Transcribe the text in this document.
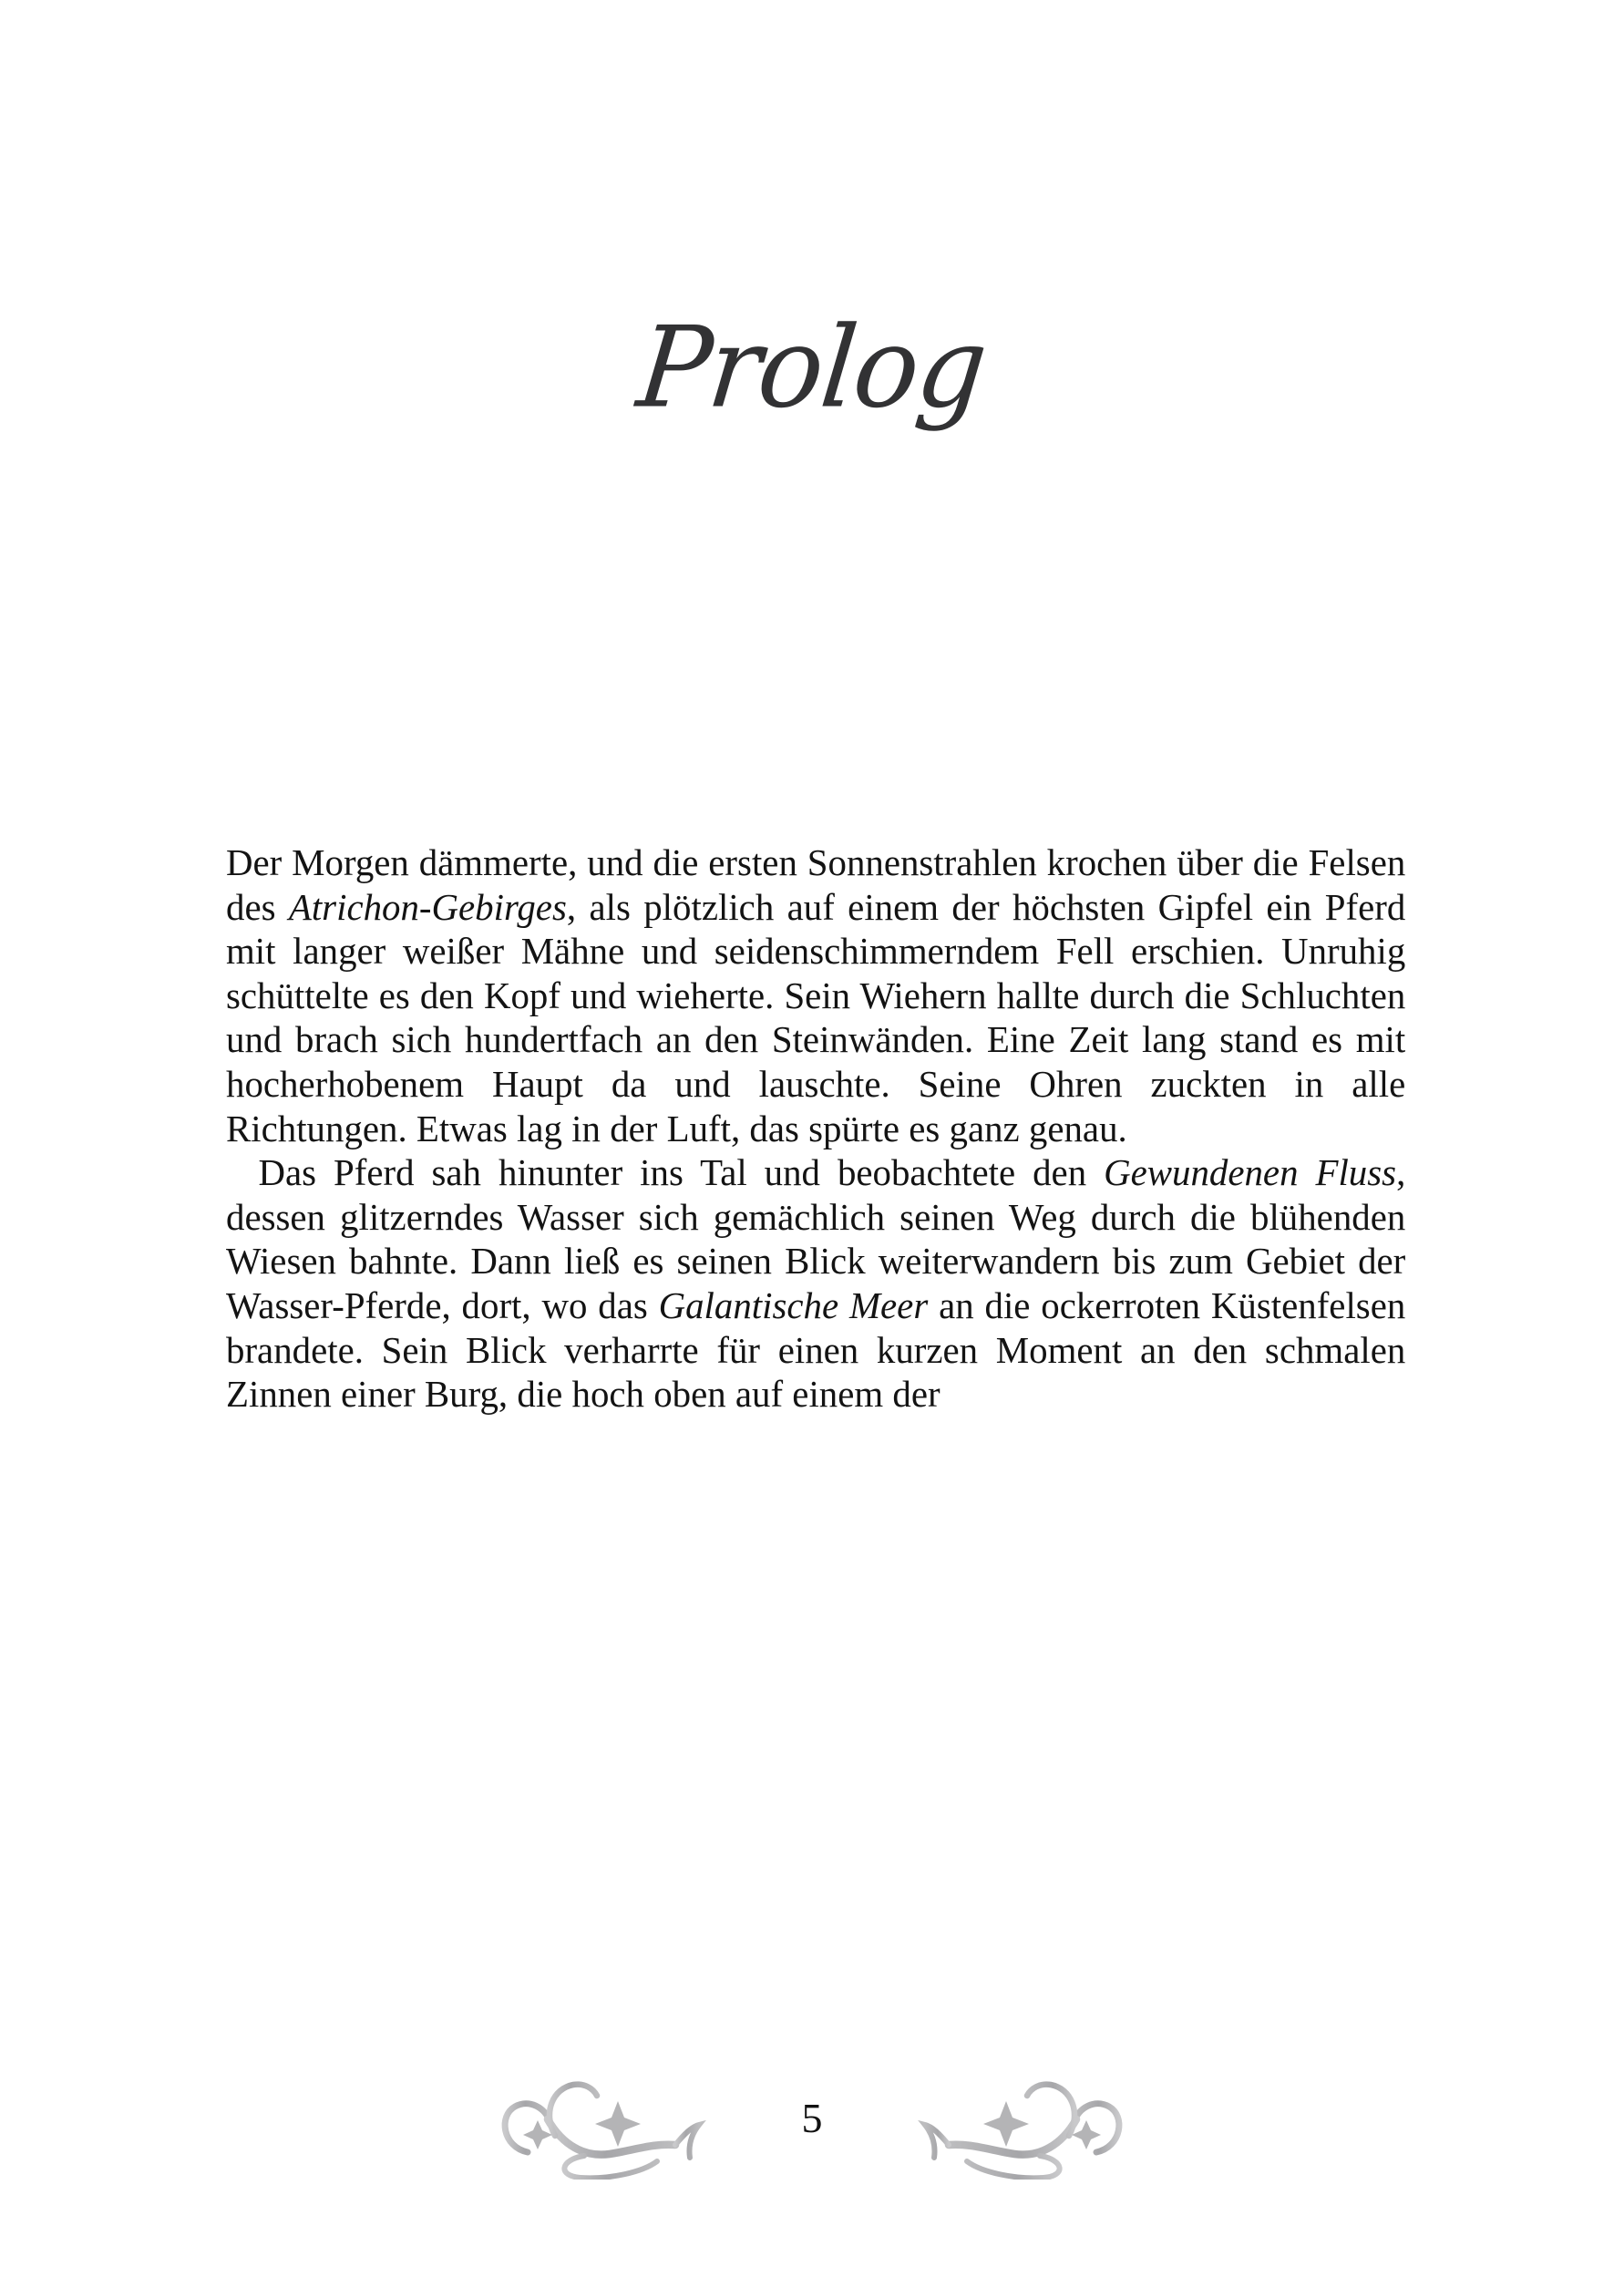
Prolog

Der Morgen dämmerte, und die ersten Sonnenstrahlen krochen über die Felsen des Atrichon-Gebirges, als plötzlich auf einem der höchsten Gipfel ein Pferd mit langer weißer Mähne und seidenschimmerndem Fell erschien. Unruhig schüttelte es den Kopf und wieherte. Sein Wiehern hallte durch die Schluchten und brach sich hundertfach an den Steinwänden. Eine Zeit lang stand es mit hocherhobenem Haupt da und lauschte. Seine Ohren zuckten in alle Richtungen. Etwas lag in der Luft, das spürte es ganz genau.

Das Pferd sah hinunter ins Tal und beobachtete den Gewundenen Fluss, dessen glitzerndes Wasser sich gemächlich seinen Weg durch die blühenden Wiesen bahnte. Dann ließ es seinen Blick weiterwandern bis zum Gebiet der Wasser-Pferde, dort, wo das Galantische Meer an die ockerroten Küstenfelsen brandete. Sein Blick verharrte für einen kurzen Moment an den schmalen Zinnen einer Burg, die hoch oben auf einem der

5
